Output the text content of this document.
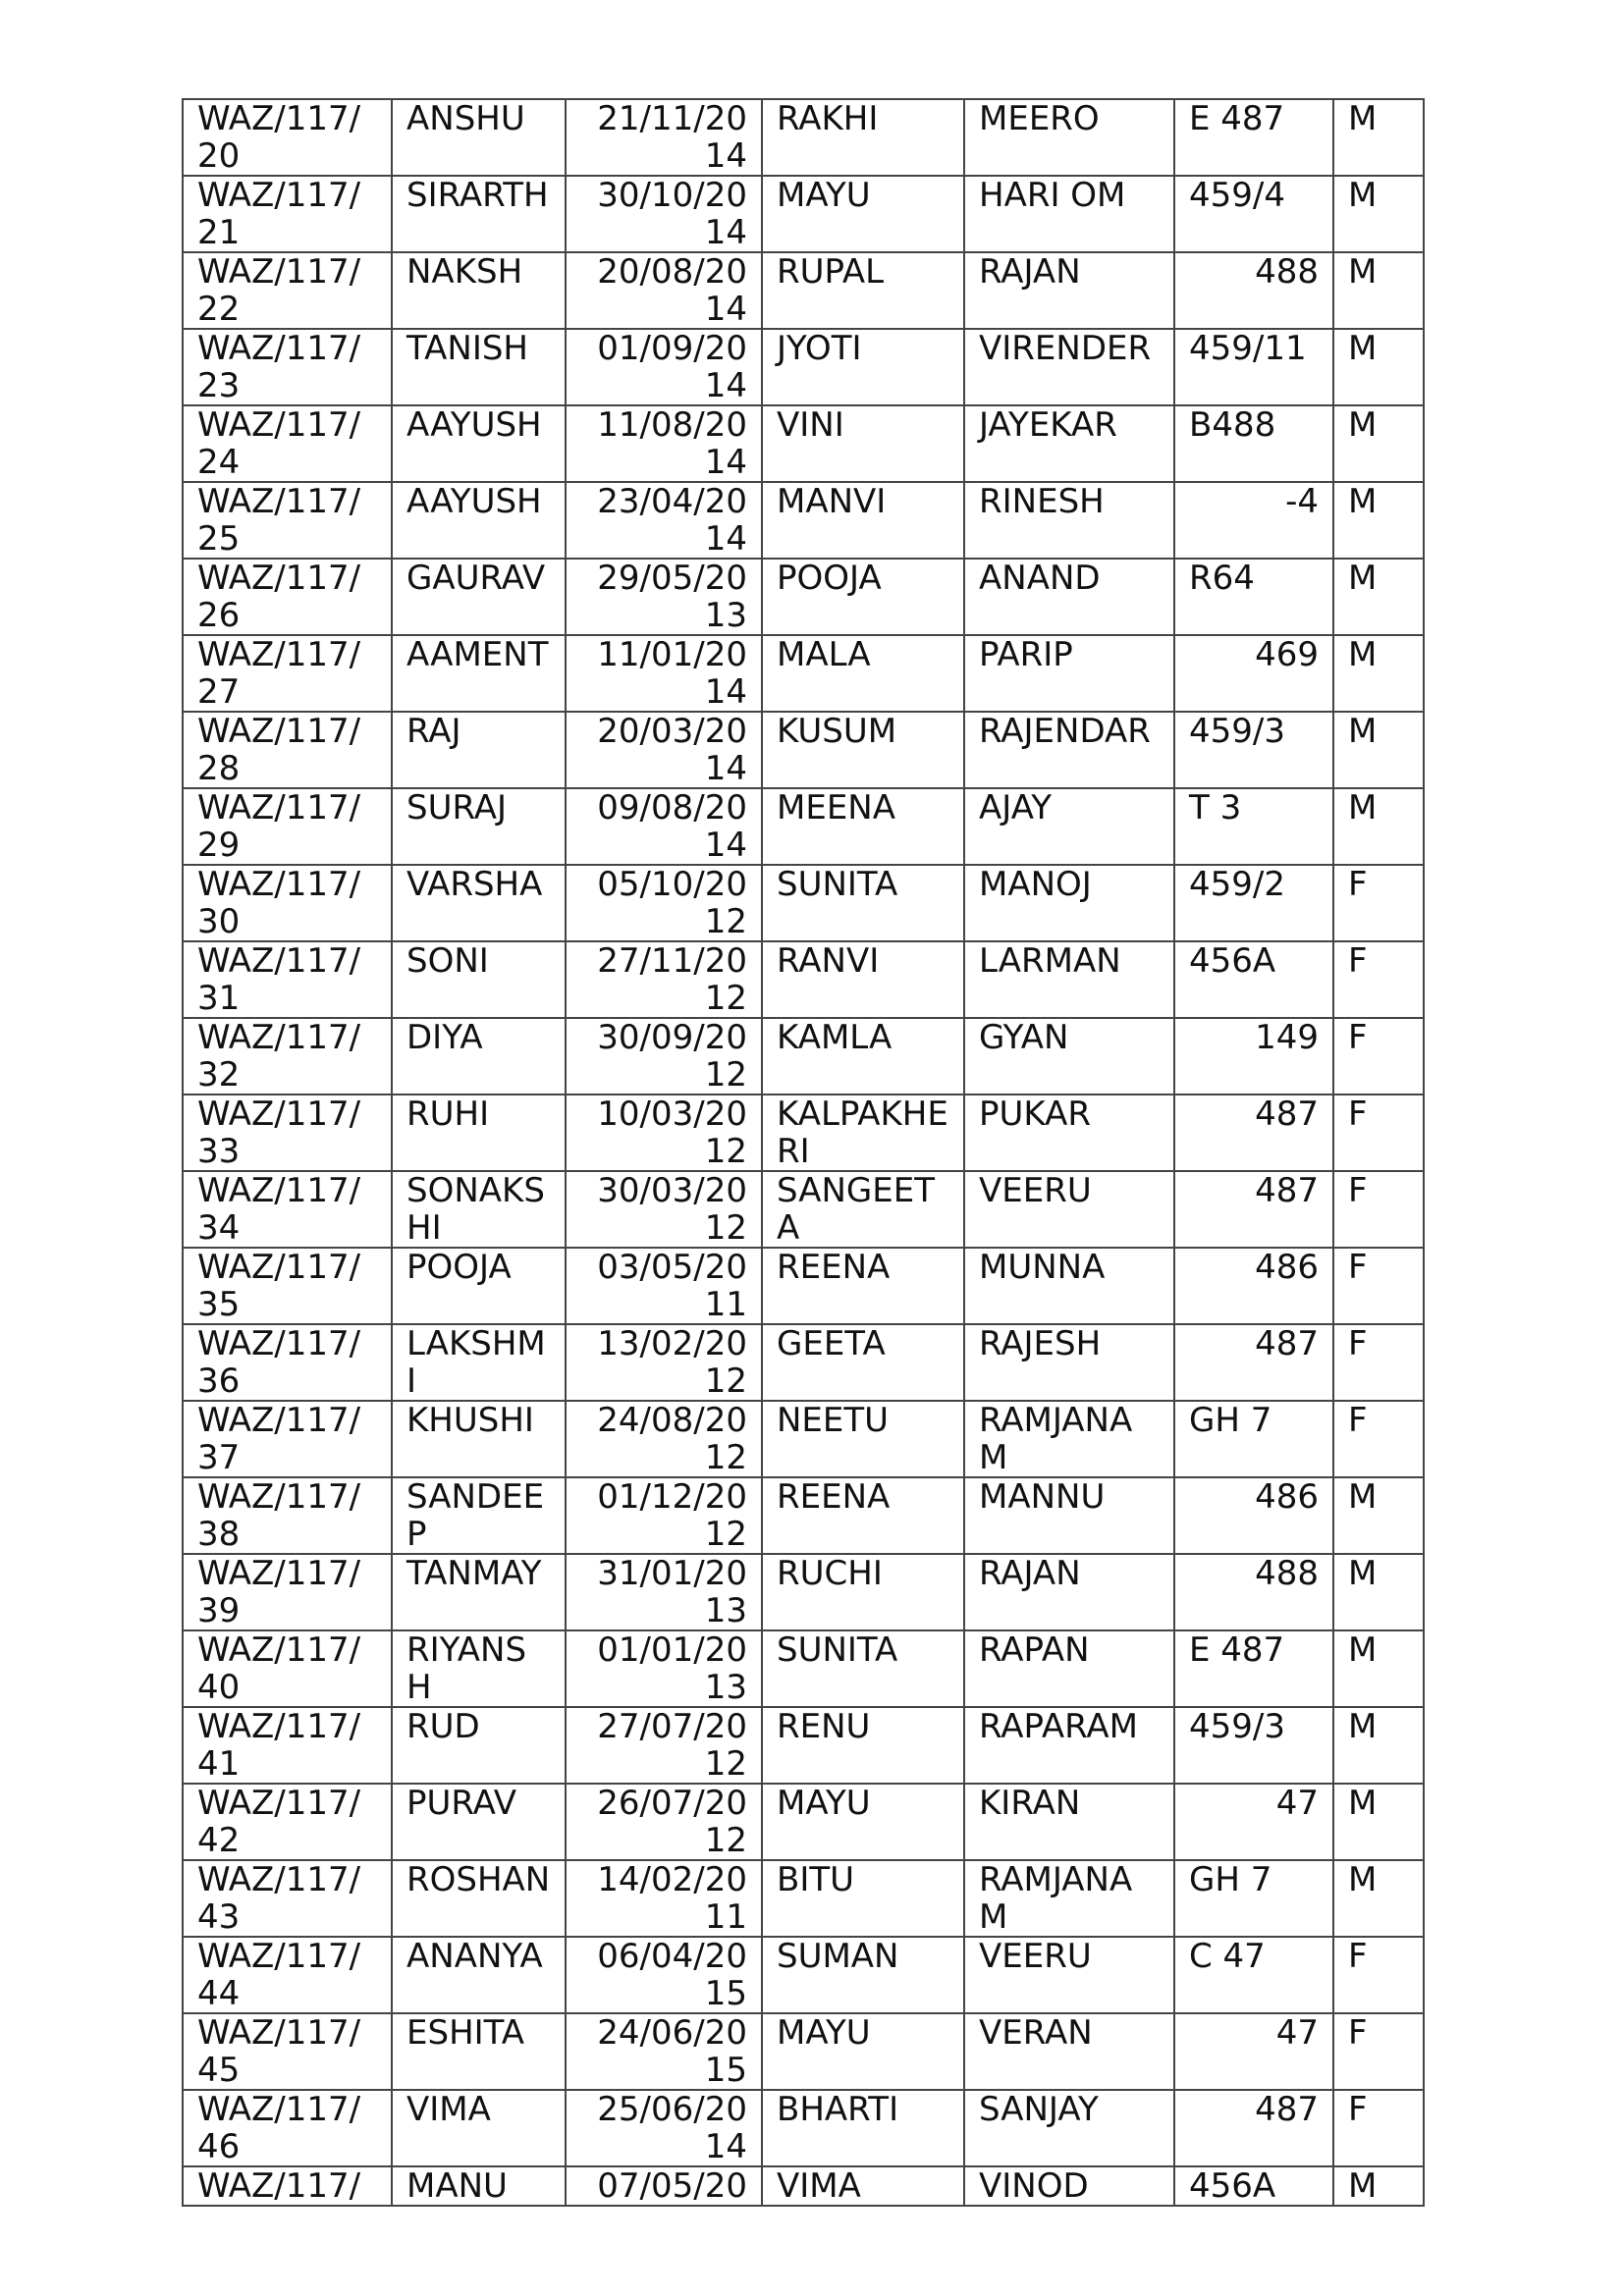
WAZ/117/20	ANSHU	21/11/2014	RAKHI	MEERO	E 487	M
WAZ/117/21	SIRARTH	30/10/2014	MAYU	HARI OM	459/4	M
WAZ/117/22	NAKSH	20/08/2014	RUPAL	RAJAN	488	M
WAZ/117/23	TANISH	01/09/2014	JYOTI	VIRENDER	459/11	M
WAZ/117/24	AAYUSH	11/08/2014	VINI	JAYEKAR	B488	M
WAZ/117/25	AAYUSH	23/04/2014	MANVI	RINESH	-4	M
WAZ/117/26	GAURAV	29/05/2013	POOJA	ANAND	R64	M
WAZ/117/27	AAMENT	11/01/2014	MALA	PARIP	469	M
WAZ/117/28	RAJ	20/03/2014	KUSUM	RAJENDAR	459/3	M
WAZ/117/29	SURAJ	09/08/2014	MEENA	AJAY	T 3	M
WAZ/117/30	VARSHA	05/10/2012	SUNITA	MANOJ	459/2	F
WAZ/117/31	SONI	27/11/2012	RANVI	LARMAN	456A	F
WAZ/117/32	DIYA	30/09/2012	KAMLA	GYAN	149	F
WAZ/117/33	RUHI	10/03/2012	KALPAKHERI	PUKAR	487	F
WAZ/117/34	SONAKSHI	30/03/2012	SANGEETA	VEERU	487	F
WAZ/117/35	POOJA	03/05/2011	REENA	MUNNA	486	F
WAZ/117/36	LAKSHMI	13/02/2012	GEETA	RAJESH	487	F
WAZ/117/37	KHUSHI	24/08/2012	NEETU	RAMJANAM	GH 7	F
WAZ/117/38	SANDEEP	01/12/2012	REENA	MANNU	486	M
WAZ/117/39	TANMAY	31/01/2013	RUCHI	RAJAN	488	M
WAZ/117/40	RIYANSH	01/01/2013	SUNITA	RAPAN	E 487	M
WAZ/117/41	RUD	27/07/2012	RENU	RAPARAM	459/3	M
WAZ/117/42	PURAV	26/07/2012	MAYU	KIRAN	47	M
WAZ/117/43	ROSHAN	14/02/2011	BITU	RAMJANAM	GH 7	M
WAZ/117/44	ANANYA	06/04/2015	SUMAN	VEERU	C 47	F
WAZ/117/45	ESHITA	24/06/2015	MAYU	VERAN	47	F
WAZ/117/46	VIMA	25/06/2014	BHARTI	SANJAY	487	F
WAZ/117/	MANU	07/05/20	VIMA	VINOD	456A	M
